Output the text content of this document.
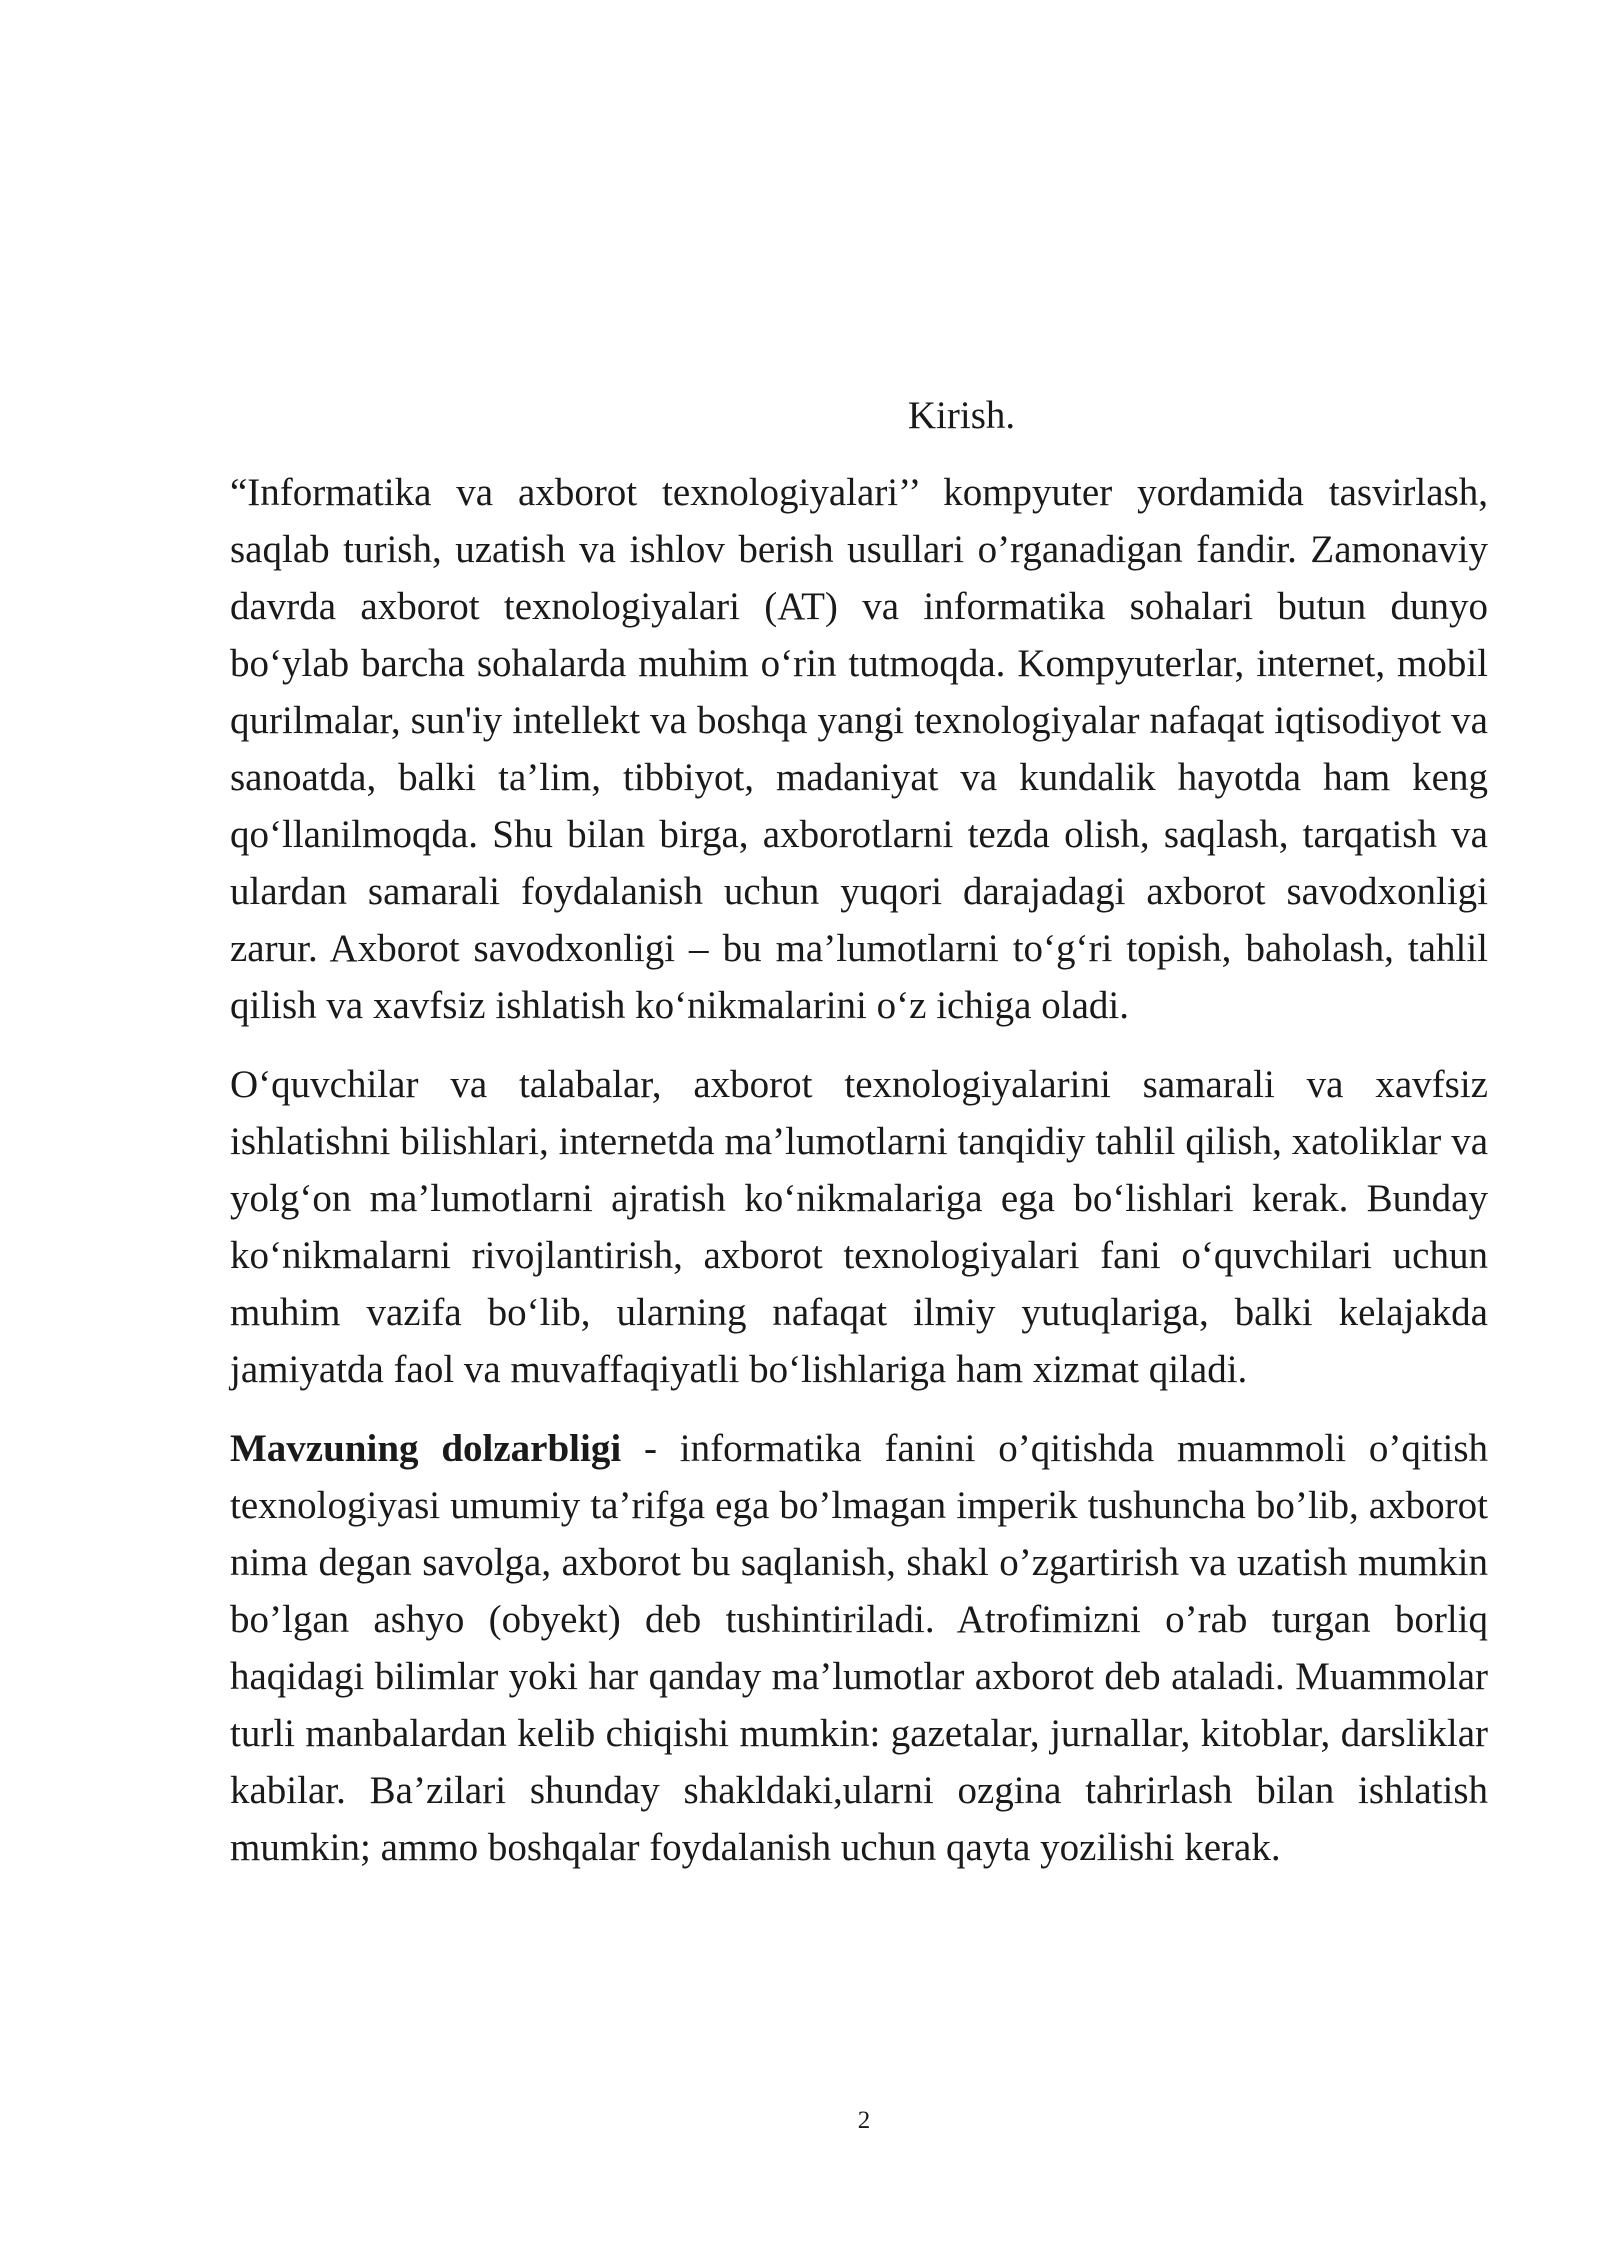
Kirish.

“Informatika va axborot texnologiyalari’’ kompyuter yordamida tasvirlash, saqlab turish, uzatish va ishlov berish usullari o’rganadigan fandir. Zamonaviy davrda axborot texnologiyalari (AT) va informatika sohalari butun dunyo boʻylab barcha sohalarda muhim oʻrin tutmoqda. Kompyuterlar, internet, mobil qurilmalar, sun'iy intellekt va boshqa yangi texnologiyalar nafaqat iqtisodiyot va sanoatda, balki ta’lim, tibbiyot, madaniyat va kundalik hayotda ham keng qoʻllanilmoqda. Shu bilan birga, axborotlarni tezda olish, saqlash, tarqatish va ulardan samarali foydalanish uchun yuqori darajadagi axborot savodxonligi zarur. Axborot savodxonligi – bu ma’lumotlarni toʻgʻri topish, baholash, tahlil qilish va xavfsiz ishlatish koʻnikmalarini oʻz ichiga oladi.

Oʻquvchilar va talabalar, axborot texnologiyalarini samarali va xavfsiz ishlatishni bilishlari, internetda ma’lumotlarni tanqidiy tahlil qilish, xatoliklar va yolgʻon ma’lumotlarni ajratish koʻnikmalariga ega boʻlishlari kerak. Bunday koʻnikmalarni rivojlantirish, axborot texnologiyalari fani oʻquvchilari uchun muhim vazifa boʻlib, ularning nafaqat ilmiy yutuqlariga, balki kelajakda jamiyatda faol va muvaffaqiyatli boʻlishlariga ham xizmat qiladi.

Mavzuning dolzarbligi - informatika fanini o’qitishda muammoli o’qitish texnologiyasi umumiy ta’rifga ega bo’lmagan imperik tushuncha bo’lib, axborot nima degan savolga, axborot bu saqlanish, shakl o’zgartirish va uzatish mumkin bo’lgan ashyo (obyekt) deb tushintiriladi. Atrofimizni o’rab turgan borliq haqidagi bilimlar yoki har qanday ma’lumotlar axborot deb ataladi. Muammolar turli manbalardan kelib chiqishi mumkin: gazetalar, jurnallar, kitoblar, darsliklar kabilar. Ba’zilari shunday shakldaki,ularni ozgina tahrirlash bilan ishlatish mumkin; ammo boshqalar foydalanish uchun qayta yozilishi kerak.

2
